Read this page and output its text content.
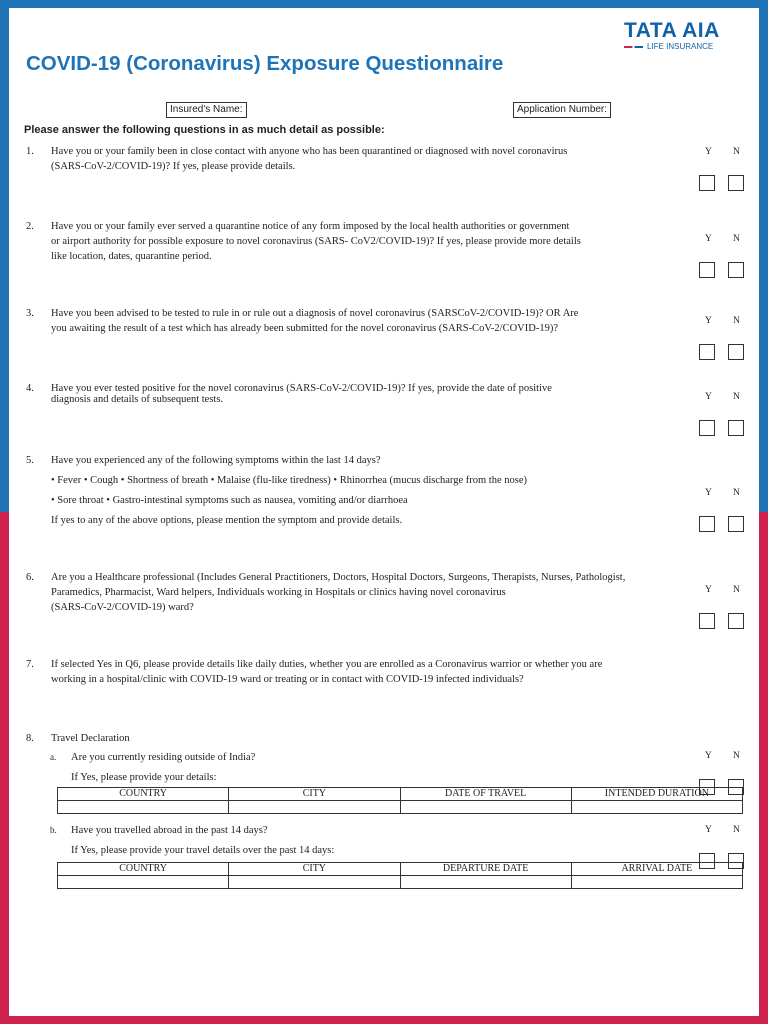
TATA AIA
LIFE INSURANCE
COVID-19 (Coronavirus) Exposure Questionnaire
Insured's Name:	Application Number:
Please answer the following questions in as much detail as possible:
1. Have you or your family been in close contact with anyone who has been quarantined or diagnosed with novel coronavirus
(SARS-CoV-2/COVID-19)? If yes, please provide details.
Y N
2. Have you or your family ever served a quarantine notice of any form imposed by the local health authorities or government
or airport authority for possible exposure to novel coronavirus (SARS- CoV2/COVID-19)? If yes, please provide more details
like location, dates, quarantine period.
Y N
3. Have you been advised to be tested to rule in or rule out a diagnosis of novel coronavirus (SARSCoV-2/COVID-19)? OR Are
you awaiting the result of a test which has already been submitted for the novel coronavirus (SARS-CoV-2/COVID-19)?
Y N
4. Have you ever tested positive for the novel coronavirus (SARS-CoV-2/COVID-19)? If yes, provide the date of positive
diagnosis and details of subsequent tests.	Y N
5. Have you experienced any of the following symptoms within the last 14 days?
• Fever • Cough • Shortness of breath • Malaise (flu-like tiredness) • Rhinorrhea (mucus discharge from the nose)
• Sore throat • Gastro-intestinal symptoms such as nausea, vomiting and/or diarrhoea
If yes to any of the above options, please mention the symptom and provide details.
Y N
6. Are you a Healthcare professional (Includes General Practitioners, Doctors, Hospital Doctors, Surgeons, Therapists, Nurses, Pathologist,
Paramedics, Pharmacist, Ward helpers, Individuals working in Hospitals or clinics having novel coronavirus
(SARS-CoV-2/COVID-19) ward?
Y N
7. If selected Yes in Q6, please provide details like daily duties, whether you are enrolled as a Coronavirus warrior or whether you are
working in a hospital/clinic with COVID-19 ward or treating or in contact with COVID-19 infected individuals?
8. Travel Declaration
a. Are you currently residing outside of India?
If Yes, please provide your details:
Y N
COUNTRY	CITY	DATE OF TRAVEL	INTENDED DURATION

b. Have you travelled abroad in the past 14 days?
If Yes, please provide your travel details over the past 14 days:
Y N
COUNTRY	CITY	DEPARTURE DATE	ARRIVAL DATE
